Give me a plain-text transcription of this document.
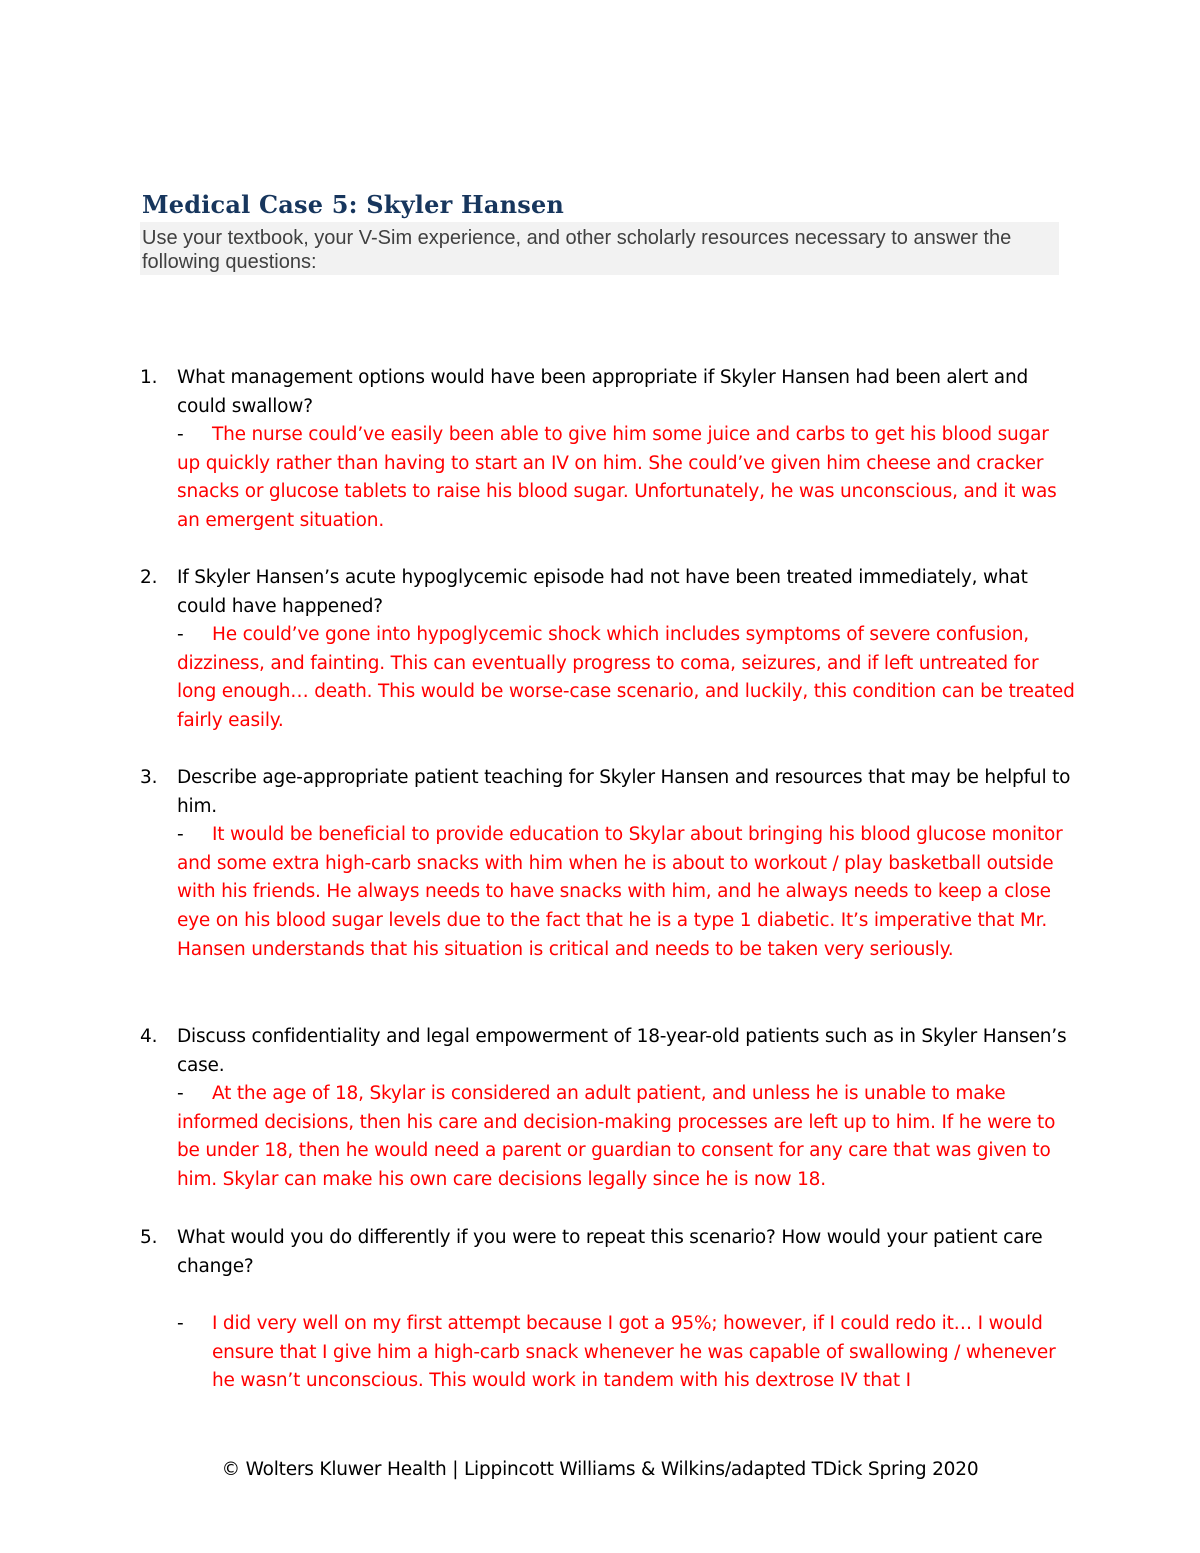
Medical Case 5: Skyler Hansen
Use your textbook, your V-Sim experience, and other scholarly resources necessary to answer the following questions:
1. What management options would have been appropriate if Skyler Hansen had been alert and could swallow?
- The nurse could’ve easily been able to give him some juice and carbs to get his blood sugar up quickly rather than having to start an IV on him. She could’ve given him cheese and cracker snacks or glucose tablets to raise his blood sugar. Unfortunately, he was unconscious, and it was an emergent situation.
2. If Skyler Hansen’s acute hypoglycemic episode had not have been treated immediately, what could have happened?
- He could’ve gone into hypoglycemic shock which includes symptoms of severe confusion, dizziness, and fainting. This can eventually progress to coma, seizures, and if left untreated for long enough… death. This would be worse-case scenario, and luckily, this condition can be treated fairly easily.
3. Describe age-appropriate patient teaching for Skyler Hansen and resources that may be helpful to him.
- It would be beneficial to provide education to Skylar about bringing his blood glucose monitor and some extra high-carb snacks with him when he is about to workout / play basketball outside with his friends. He always needs to have snacks with him, and he always needs to keep a close eye on his blood sugar levels due to the fact that he is a type 1 diabetic. It’s imperative that Mr. Hansen understands that his situation is critical and needs to be taken very seriously.
4. Discuss confidentiality and legal empowerment of 18-year-old patients such as in Skyler Hansen’s case.
- At the age of 18, Skylar is considered an adult patient, and unless he is unable to make informed decisions, then his care and decision-making processes are left up to him. If he were to be under 18, then he would need a parent or guardian to consent for any care that was given to him. Skylar can make his own care decisions legally since he is now 18.
5. What would you do differently if you were to repeat this scenario? How would your patient care change?
- I did very well on my first attempt because I got a 95%; however, if I could redo it… I would ensure that I give him a high-carb snack whenever he was capable of swallowing / whenever he wasn’t unconscious. This would work in tandem with his dextrose IV that I
© Wolters Kluwer Health | Lippincott Williams & Wilkins/adapted TDick Spring 2020
